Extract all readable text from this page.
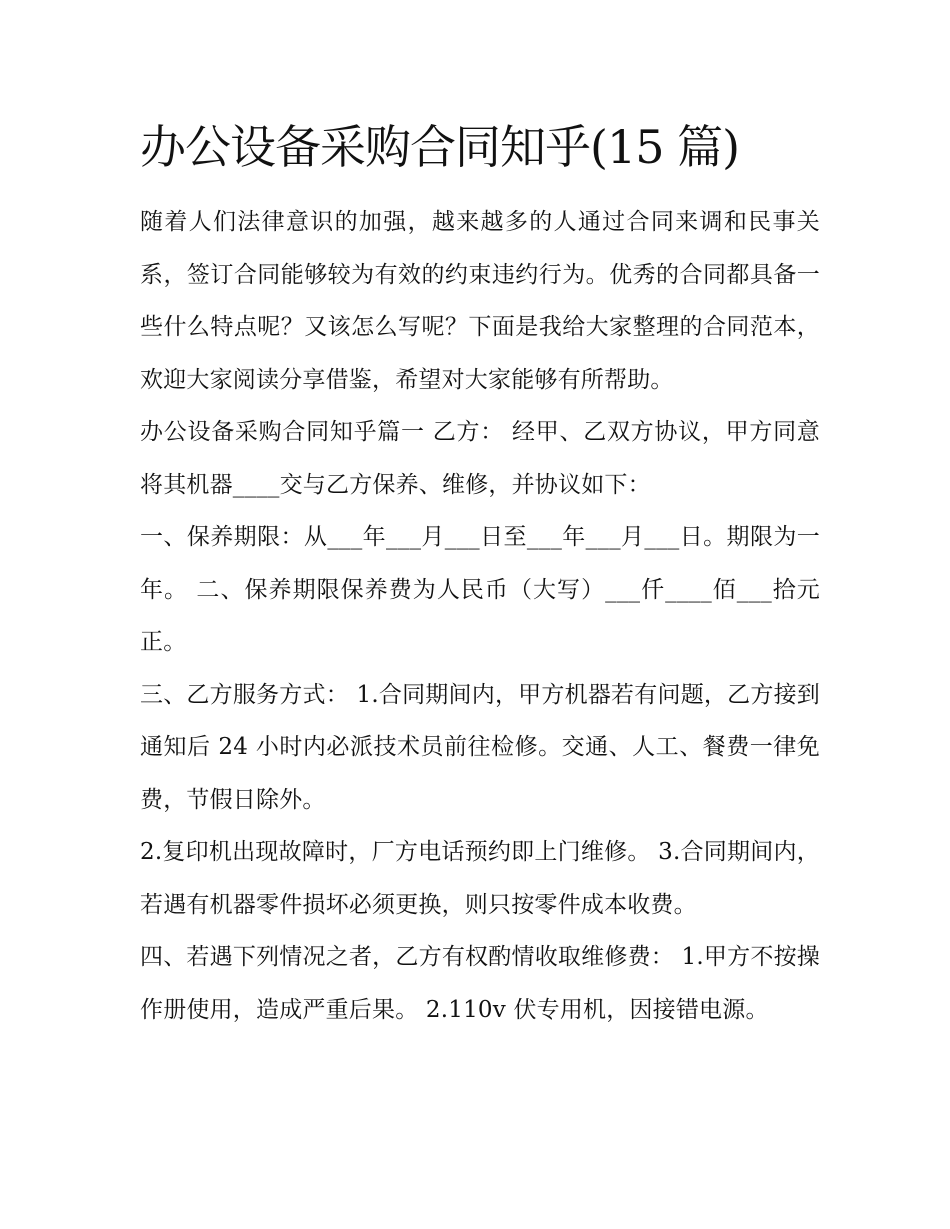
办公设备采购合同知乎(15 篇)

随着人们法律意识的加强，越来越多的人通过合同来调和民事关系，签订合同能够较为有效的约束违约行为。优秀的合同都具备一些什么特点呢？又该怎么写呢？下面是我给大家整理的合同范本，欢迎大家阅读分享借鉴，希望对大家能够有所帮助。

办公设备采购合同知乎篇一 乙方： 经甲、乙双方协议，甲方同意将其机器____交与乙方保养、维修，并协议如下：

一、保养期限：从___年___月___日至___年___月___日。期限为一年。 二、保养期限保养费为人民币（大写）___仟____佰___拾元正。

三、乙方服务方式： 1.合同期间内，甲方机器若有问题，乙方接到通知后 24 小时内必派技术员前往检修。交通、人工、餐费一律免费，节假日除外。

2.复印机出现故障时，厂方电话预约即上门维修。 3.合同期间内，若遇有机器零件损坏必须更换，则只按零件成本收费。

四、若遇下列情况之者，乙方有权酌情收取维修费： 1.甲方不按操作册使用，造成严重后果。 2.110v 伏专用机，因接错电源。
